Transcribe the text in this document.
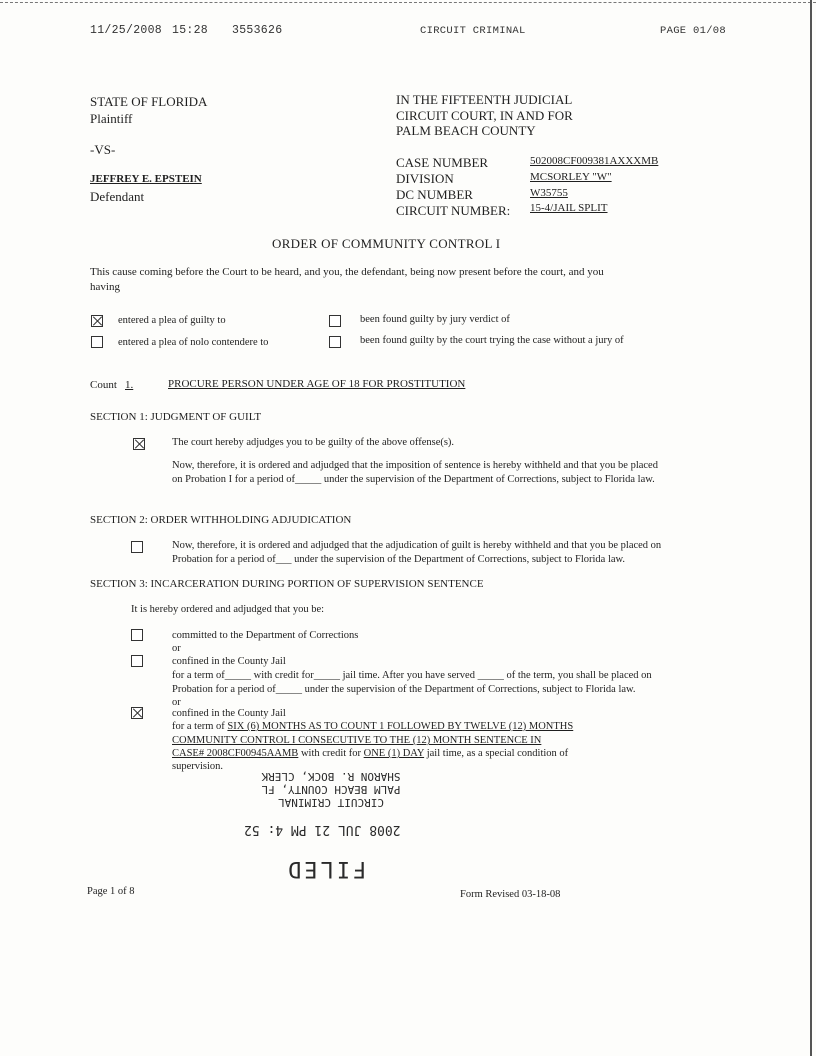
11/25/2008 15:28 3553626	CIRCUIT CRIMINAL	PAGE 01/08
STATE OF FLORIDA
Plaintiff
-VS-
JEFFREY E. EPSTEIN
Defendant
IN THE FIFTEENTH JUDICIAL
CIRCUIT COURT, IN AND FOR
PALM BEACH COUNTY
CASE NUMBER	502008CF009381AXXXMB
DIVISION	MCSORLEY "W"
DC NUMBER	W35755
CIRCUIT NUMBER: 15-4/JAIL SPLIT
ORDER OF COMMUNITY CONTROL I
This cause coming before the Court to be heard, and you, the defendant, being now present before the court, and you
having
entered a plea of guilty to	been found guilty by jury verdict of
entered a plea of nolo contendere to	been found guilty by the court trying the case without a jury of
Count 1.	PROCURE PERSON UNDER AGE OF 18 FOR PROSTITUTION
SECTION 1: JUDGMENT OF GUILT
The court hereby adjudges you to be guilty of the above offense(s).
Now, therefore, it is ordered and adjudged that the imposition of sentence is hereby withheld and that you be placed
on Probation I for a period of_____ under the supervision of the Department of Corrections, subject to Florida law.
SECTION 2: ORDER WITHHOLDING ADJUDICATION
Now, therefore, it is ordered and adjudged that the adjudication of guilt is hereby withheld and that you be placed on
Probation for a period of___ under the supervision of the Department of Corrections, subject to Florida law.
SECTION 3: INCARCERATION DURING PORTION OF SUPERVISION SENTENCE
It is hereby ordered and adjudged that you be:
committed to the Department of Corrections
or
confined in the County Jail
for a term of_____ with credit for_____ jail time. After you have served _____ of the term, you shall be placed on
Probation for a period of_____ under the supervision of the Department of Corrections, subject to Florida law.
or
confined in the County Jail
for a term of SIX (6) MONTHS AS TO COUNT 1 FOLLOWED BY TWELVE (12) MONTHS
COMMUNITY CONTROL I CONSECUTIVE TO THE (12) MONTH SENTENCE IN
CASE# 2008CF00945AAMB with credit for ONE (1) DAY jail time, as a special condition of
supervision.
CIRCUIT CRIMINAL
PALM BEACH COUNTY, FL
SHARON R. BOCK, CLERK
2008 JUL 21 PM 4: 52
FILED
Page 1 of 8	Form Revised 03-18-08
